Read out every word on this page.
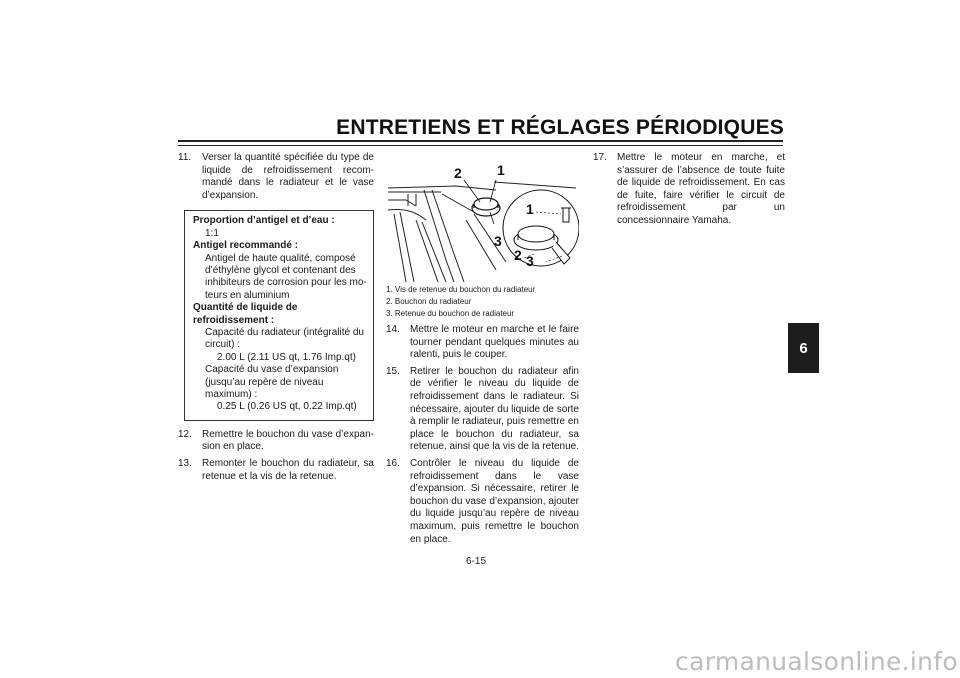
ENTRETIENS ET RÉGLAGES PÉRIODIQUES
11.	Verser la quantité spécifiée du type de liquide de refroidissement recommandé dans le radiateur et le vase d’expansion.
Proportion d’antigel et d’eau :
1:1
Antigel recommandé :
Antigel de haute qualité, composé d’éthylène glycol et contenant des inhibiteurs de corrosion pour les moteurs en aluminium
Quantité de liquide de
refroidissement :
Capacité du radiateur (intégralité du circuit) :
2.00 L (2.11 US qt, 1.76 Imp.qt)
Capacité du vase d’expansion (jusqu’au repère de niveau maximum) :
0.25 L (0.26 US qt, 0.22 Imp.qt)
12.	Remettre le bouchon du vase d’expansion en place.
13.	Remonter le bouchon du radiateur, sa retenue et la vis de la retenue.
2	1
3
1
2 3
1. Vis de retenue du bouchon du radiateur
2. Bouchon du radiateur
3. Retenue du bouchon de radiateur
14.	Mettre le moteur en marche et le faire tourner pendant quelques minutes au ralenti, puis le couper.
15.	Retirer le bouchon du radiateur afin de vérifier le niveau du liquide de refroidissement dans le radiateur. Si nécessaire, ajouter du liquide de sorte à remplir le radiateur, puis remettre en place le bouchon du radiateur, sa retenue, ainsi que la vis de la retenue.
16.	Contrôler le niveau du liquide de refroidissement dans le vase d’expansion. Si nécessaire, retirer le bouchon du vase d’expansion, ajouter du liquide jusqu’au repère de niveau maximum, puis remettre le bouchon en place.
17.	Mettre le moteur en marche, et s’assurer de l’absence de toute fuite de liquide de refroidissement. En cas de fuite, faire vérifier le circuit de refroidissement par un concessionnaire Yamaha.
6
6-15
carmanualsonline.info
